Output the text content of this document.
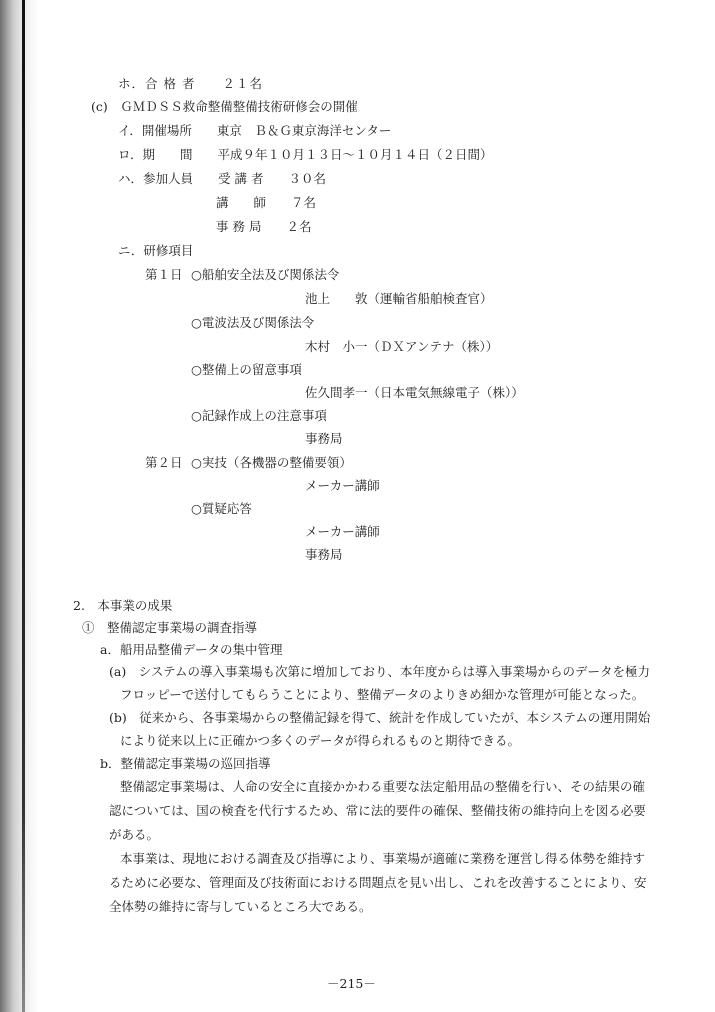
ホ．合 格 者　　２１名
(c)　ＧＭＤＳＳ救命整備整備技術研修会の開催
イ．開催場所　　東京　Ｂ＆Ｇ東京海洋センター
ロ．期　　間　　平成９年１０月１３日～１０月１４日（２日間）
ハ．参加人員　　受 講 者　　３０名
講　　師　　７名
事 務 局　　２名
ニ．研修項目
第１日 ○船舶安全法及び関係法令
池上　　敦（運輸省船舶検査官）
○電波法及び関係法令
木村　小一（ＤＸアンテナ（株））
○整備上の留意事項
佐久間孝一（日本電気無線電子（株））
○記録作成上の注意事項
事務局
第２日 ○実技（各機器の整備要領）
メーカー講師
○質疑応答
メーカー講師
事務局
2.　本事業の成果
①　整備認定事業場の調査指導
a．船用品整備データの集中管理
(a)　システムの導入事業場も次第に増加しており、本年度からは導入事業場からのデータを極力
フロッピーで送付してもらうことにより、整備データのよりきめ細かな管理が可能となった。
(b)　従来から、各事業場からの整備記録を得て、統計を作成していたが、本システムの運用開始
により従来以上に正確かつ多くのデータが得られるものと期待できる。
b．整備認定事業場の巡回指導
整備認定事業場は、人命の安全に直接かかわる重要な法定船用品の整備を行い、その結果の確
認については、国の検査を代行するため、常に法的要件の確保、整備技術の維持向上を図る必要
がある。
本事業は、現地における調査及び指導により、事業場が適確に業務を運営し得る体勢を維持す
るために必要な、管理面及び技術面における問題点を見い出し、これを改善することにより、安
全体勢の維持に寄与しているところ大である。
－215－
